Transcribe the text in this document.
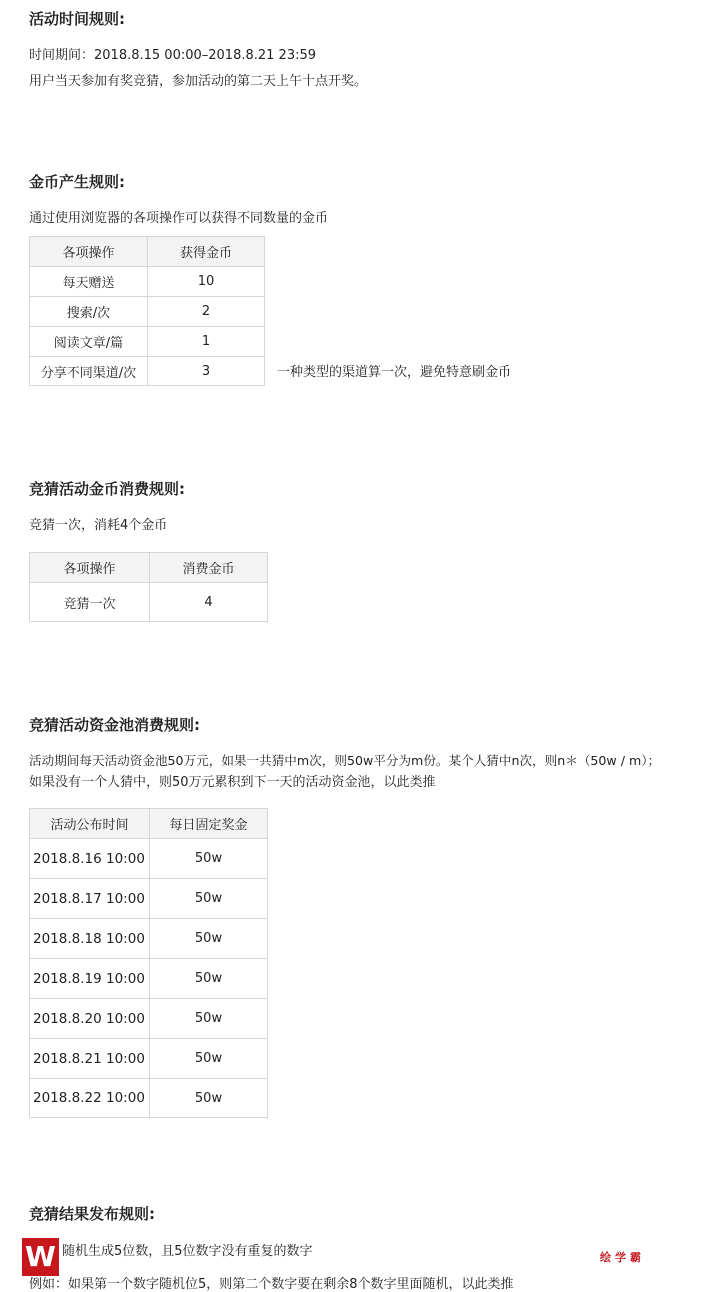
活动时间规则:
时间期间：2018.8.15 00:00–2018.8.21 23:59
用户当天参加有奖竞猜，参加活动的第二天上午十点开奖。
金币产生规则:
通过使用浏览器的各项操作可以获得不同数量的金币
各项操作	获得金币
每天赠送	10
搜索/次	2
阅读文章/篇	1
分享不同渠道/次	3	一种类型的渠道算一次，避免特意刷金币
竞猜活动金币消费规则:
竞猜一次，消耗4个金币
各项操作	消费金币
竞猜一次	4
竞猜活动资金池消费规则:
活动期间每天活动资金池50万元，如果一共猜中m次，则50w平分为m份。某个人猜中n次，则n＊（50w / m）；
如果没有一个人猜中，则50万元累积到下一天的活动资金池，以此类推
活动公布时间	每日固定奖金
2018.8.16 10:00	50w
2018.8.17 10:00	50w
2018.8.18 10:00	50w
2018.8.19 10:00	50w
2018.8.20 10:00	50w
2018.8.21 10:00	50w
2018.8.22 10:00	50w
竞猜结果发布规则:
随机生成5位数，且5位数字没有重复的数字
例如：如果第一个数字随机位5，则第二个数字要在剩余8个数字里面随机，以此类推
W	绘学霸
